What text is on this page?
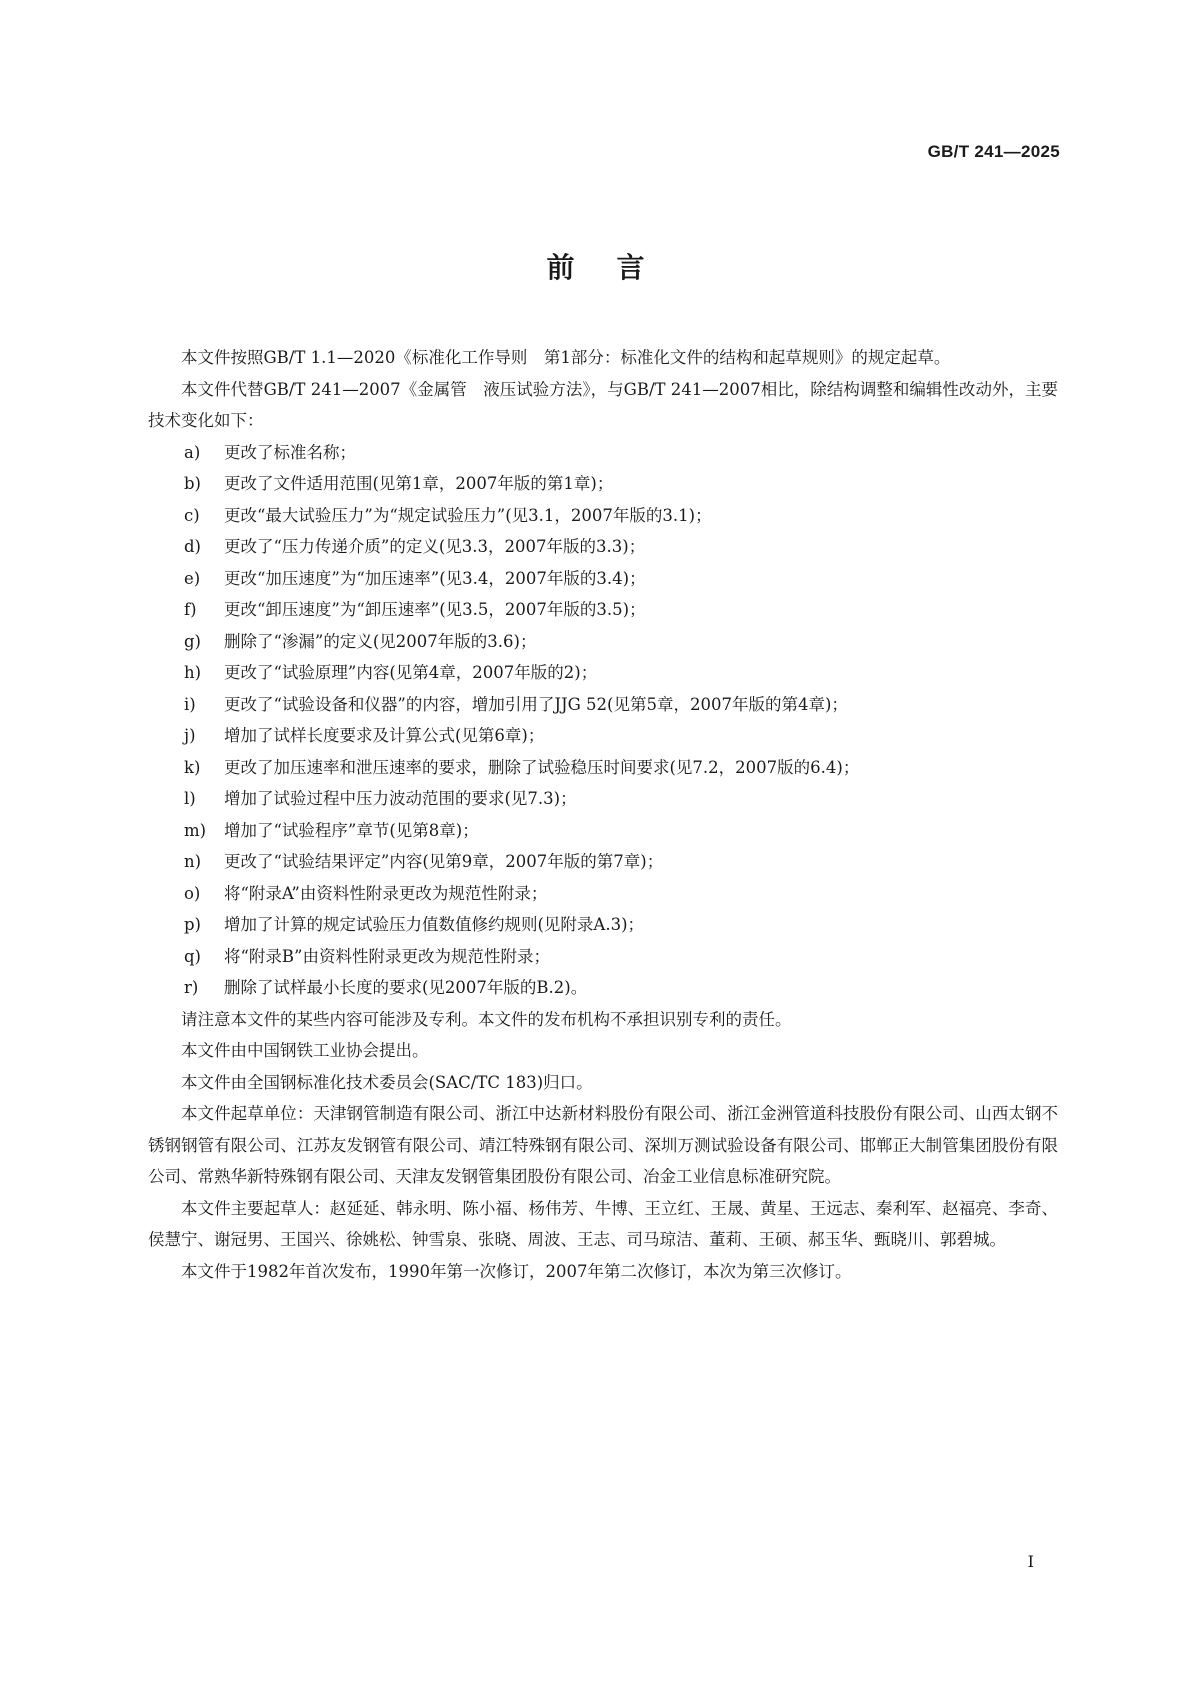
GB/T 241—2025
前言

本文件按照GB/T 1.1—2020《标准化工作导则　第1部分：标准化文件的结构和起草规则》的规定起草。

本文件代替GB/T 241—2007《金属管　液压试验方法》，与GB/T 241—2007相比，除结构调整和编辑性改动外，主要技术变化如下：

a)	更改了标准名称；
b)	更改了文件适用范围(见第1章，2007年版的第1章)；
c)	更改“最大试验压力”为“规定试验压力”(见3.1，2007年版的3.1)；
d)	更改了“压力传递介质”的定义(见3.3，2007年版的3.3)；
e)	更改“加压速度”为“加压速率”(见3.4，2007年版的3.4)；
f)	更改“卸压速度”为“卸压速率”(见3.5，2007年版的3.5)；
g)	删除了“渗漏”的定义(见2007年版的3.6)；
h)	更改了“试验原理”内容(见第4章，2007年版的2)；
i)	更改了“试验设备和仪器”的内容，增加引用了JJG 52(见第5章，2007年版的第4章)；
j)	增加了试样长度要求及计算公式(见第6章)；
k)	更改了加压速率和泄压速率的要求，删除了试验稳压时间要求(见7.2，2007版的6.4)；
l)	增加了试验过程中压力波动范围的要求(见7.3)；
m)	增加了“试验程序”章节(见第8章)；
n)	更改了“试验结果评定”内容(见第9章，2007年版的第7章)；
o)	将“附录A”由资料性附录更改为规范性附录；
p)	增加了计算的规定试验压力值数值修约规则(见附录A.3)；
q)	将“附录B”由资料性附录更改为规范性附录；
r)	删除了试样最小长度的要求(见2007年版的B.2)。

请注意本文件的某些内容可能涉及专利。本文件的发布机构不承担识别专利的责任。

本文件由中国钢铁工业协会提出。

本文件由全国钢标准化技术委员会(SAC/TC 183)归口。

本文件起草单位：天津钢管制造有限公司、浙江中达新材料股份有限公司、浙江金洲管道科技股份有限公司、山西太钢不锈钢钢管有限公司、江苏友发钢管有限公司、靖江特殊钢有限公司、深圳万测试验设备有限公司、邯郸正大制管集团股份有限公司、常熟华新特殊钢有限公司、天津友发钢管集团股份有限公司、冶金工业信息标准研究院。

本文件主要起草人：赵延延、韩永明、陈小福、杨伟芳、牛博、王立红、王晟、黄星、王远志、秦利军、赵福亮、李奇、侯慧宁、谢冠男、王国兴、徐姚松、钟雪泉、张晓、周波、王志、司马琼洁、董莉、王硕、郝玉华、甄晓川、郭碧城。

本文件于1982年首次发布，1990年第一次修订，2007年第二次修订，本次为第三次修订。

I
